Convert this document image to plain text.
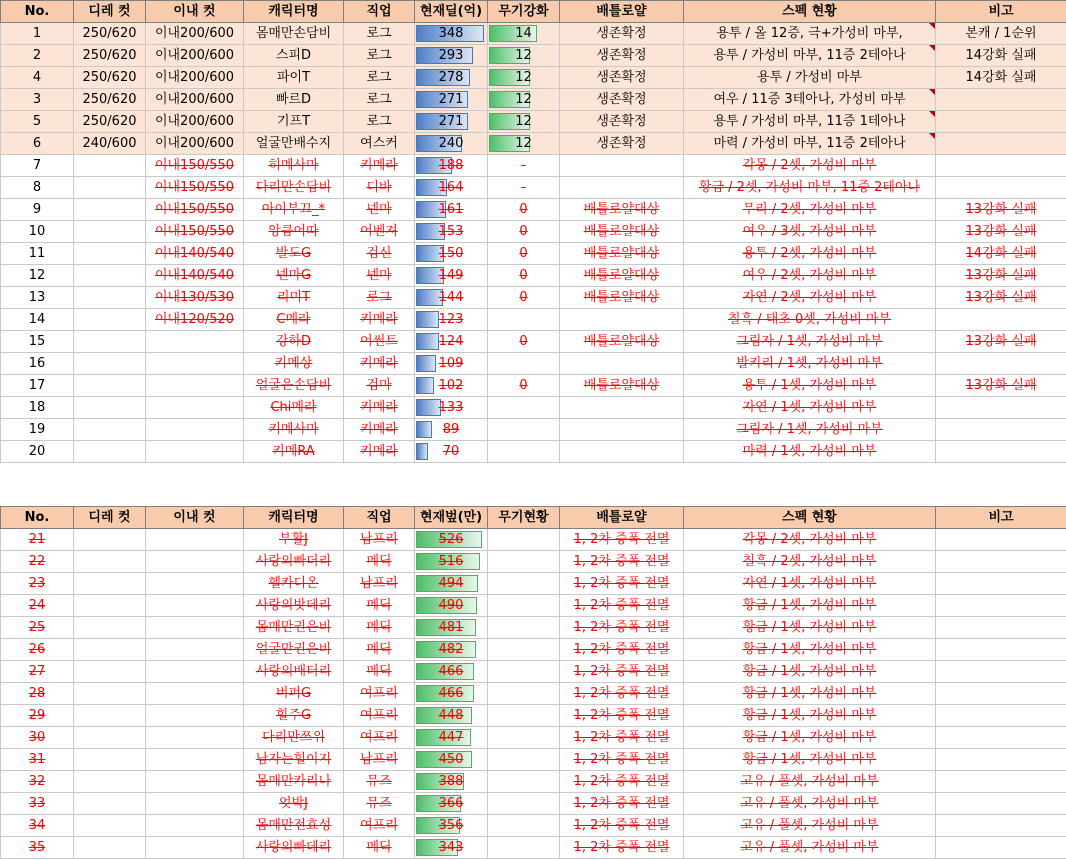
No.	디레 컷	이내 컷	캐릭터명	직업	현재딜(억)	무기강화	배틀로얄	스펙 현황	비고
1	250/620	이내200/600	몸매만손담비	로그	348	14	생존확정	용투 / 올 12증, 극+가성비 마부,	본캐 / 1순위
2	250/620	이내200/600	스피D	로그	293	12	생존확정	용투 / 가성비 마부, 11증 2테아나	14강화 실패
4	250/620	이내200/600	파이T	로그	278	12	생존확정	용투 / 가성비 마부	14강화 실패
3	250/620	이내200/600	빠르D	로그	271	12	생존확정	여우 / 11증 3테아나, 가성비 마부

5	250/620	이내200/600	기프T	로그	271	12	생존확정	용투 / 가성비 마부, 11증 1테아나

6	240/600	이내200/600	얼굴만배수지	여스커	240	12	생존확정	마력 / 가성비 마부, 11증 2테아나

7		이내150/550	히메사마	키메라	188	-		각몽 / 2셋, 가성비 마부	
8		이내150/550	다리만손담비	디바	164	-		황금 / 2셋, 가성비 마부, 11증 2테아나	
9		이내150/550	아이부끄_*	넨마	161	0	배틀로얄대상	무리 / 2셋, 가성비 마부	13강화 실패
10		이내150/550	앙큼어따	어벤져	153	0	배틀로얄대상	여우 / 3셋, 가성비 마부	13강화 실패
11		이내140/540	발도G	검신	150	0	배틀로얄대상	용투 / 2셋, 가성비 마부	14강화 실패
12		이내140/540	넨마G	넨마	149	0	배틀로얄대상	여우 / 2셋, 가성비 마부	13강화 실패
13		이내130/530	리미T	로그	144	0	배틀로얄대상	자연 / 2셋, 가성비 마부	13강화 실패
14		이내120/520	C메라	키메라	123			칠흑 / 태초 0셋, 가성비 마부	
15			강하D	어썬트	124	0	배틀로얄대상	그림자 / 1셋, 가성비 마부	13강화 실패
16			키메상	키메라	109			발키리 / 1셋, 가성비 마부	
17			얼굴은손담비	검마	102	0	배틀로얄대상	용투 / 1셋, 가성비 마부	13강화 실패
18			Chi메라	키메라	133			자연 / 1셋, 가성비 마부	
19			키메사마	키메라	89			그림자 / 1셋, 가성비 마부	
20			키메RA	키메라	70			마력 / 1셋, 가성비 마부	
No.	디레 컷	이내 컷	캐릭터명	직업	현재벞(만)	무기현황	배틀로얄	스펙 현황	비고
21			부활J	남프리	526		1, 2차 증폭 전멸	각몽 / 2셋, 가성비 마부	
22			사랑의빠더리	메딕	516		1, 2차 증폭 전멸	칠흑 / 2셋, 가성비 마부	
23			헬카디온	남프리	494		1, 2차 증폭 전멸	자연 / 1셋, 가성비 마부	
24			사랑의밧데리	메딕	490		1, 2차 증폭 전멸	황금 / 1셋, 가성비 마부	
25			몸매만권은비	메딕	481		1, 2차 증폭 전멸	황금 / 1셋, 가성비 마부	
26			얼굴만권은비	메딕	482		1, 2차 증폭 전멸	황금 / 1셋, 가성비 마부	
27			사랑의배터리	메딕	466		1, 2차 증폭 전멸	황금 / 1셋, 가성비 마부	
28			버퍼G	여프리	466		1, 2차 증폭 전멸	황금 / 1셋, 가성비 마부	
29			힐주G	여프리	448		1, 2차 증폭 전멸	황금 / 1셋, 가성비 마부	
30			다리만쯔위	여프리	447		1, 2차 증폭 전멸	황금 / 1셋, 가성비 마부	
31			남자는힐이지	남프리	450		1, 2차 증폭 전멸	황금 / 1셋, 가성비 마부	
32			몸매만카리나	뮤즈	388		1, 2차 증폭 전멸	고유 / 풀셋, 가성비 마부	
33			엇박J	뮤즈	366		1, 2차 증폭 전멸	고유 / 풀셋, 가성비 마부	
34			몸매만전효성	여프리	356		1, 2차 증폭 전멸	고유 / 풀셋, 가성비 마부	
35			사랑의빠데리	메딕	343		1, 2차 증폭 전멸	고유 / 풀셋, 가성비 마부	
